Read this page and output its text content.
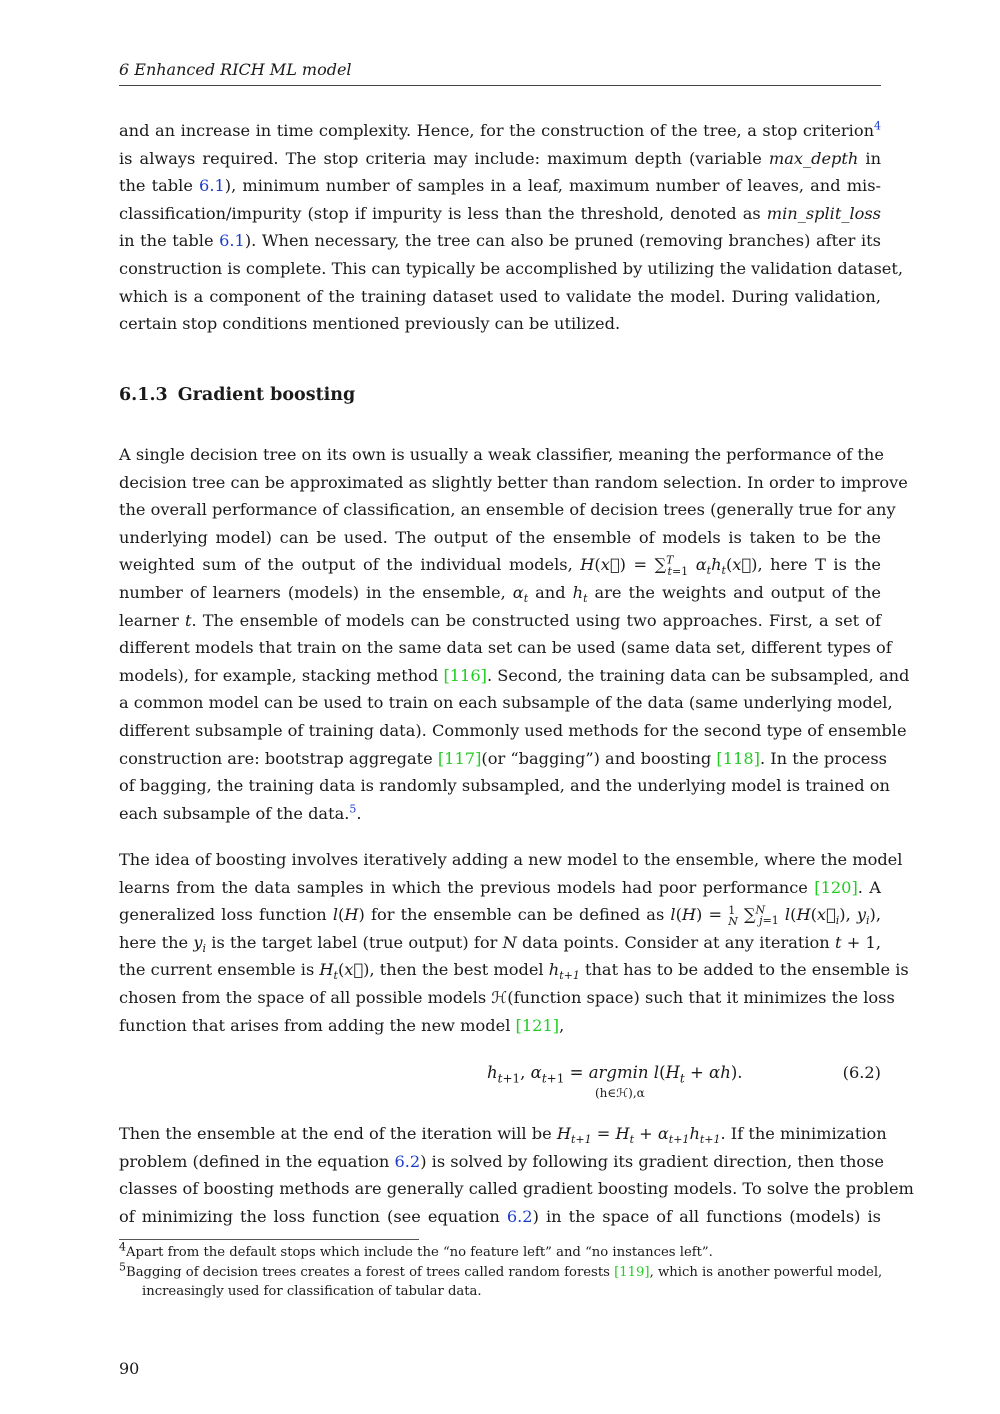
6 Enhanced RICH ML model
and an increase in time complexity. Hence, for the construction of the tree, a stop criterion$^4$
is always required. The stop criteria may include: maximum depth (variable max_depth in
the table 6.1), minimum number of samples in a leaf, maximum number of leaves, and mis-
classification/impurity (stop if impurity is less than the threshold, denoted as min_split_loss
in the table 6.1). When necessary, the tree can also be pruned (removing branches) after its
construction is complete. This can typically be accomplished by utilizing the validation dataset,
which is a component of the training dataset used to validate the model. During validation,
certain stop conditions mentioned previously can be utilized.
6.1.3 Gradient boosting
A single decision tree on its own is usually a weak classifier, meaning the performance of the
decision tree can be approximated as slightly better than random selection. In order to improve
the overall performance of classification, an ensemble of decision trees (generally true for any
underlying model) can be used. The output of the ensemble of models is taken to be the
weighted sum of the output of the individual models, H(x⃗) = ∑$^T_{t=1}$ $\alpha_th_t(x⃗)$, here T is the
number of learners (models) in the ensemble, $\alpha_t$ and $h_t$ are the weights and output of the
learner t. The ensemble of models can be constructed using two approaches. First, a set of
different models that train on the same data set can be used (same data set, different types of
models), for example, stacking method [116]. Second, the training data can be subsampled, and
a common model can be used to train on each subsample of the data (same underlying model,
different subsample of training data). Commonly used methods for the second type of ensemble
construction are: bootstrap aggregate [117](or “bagging”) and boosting [118]. In the process
of bagging, the training data is randomly subsampled, and the underlying model is trained on
each subsample of the data.$^5$.
The idea of boosting involves iteratively adding a new model to the ensemble, where the model
learns from the data samples in which the previous models had poor performance [120]. A
generalized loss function l(H) for the ensemble can be defined as l(H) = 1
N ∑$^N_{j=1}$ $l(H(x⃗_i)$, $y_i$),
here the $y_i$ is the target label (true output) for N data points. Consider at any iteration t + 1,
the current ensemble is $H_t(x⃗)$, then the best model $h_{t+1}$ that has to be added to the ensemble is
chosen from the space of all possible models ℋ(function space) such that it minimizes the loss
function that arises from adding the new model [121],
$h_{t+1}$, $\alpha_{t+1} = argmin$ $l(H_t + \alpha h)$.
(h∈ℋ),α
(6.2)
Then the ensemble at the end of the iteration will be $H_{t+1} = H_t + \alpha_{t+1}h_{t+1}$. If the minimization
problem (defined in the equation 6.2) is solved by following its gradient direction, then those
classes of boosting methods are generally called gradient boosting models. To solve the problem
of minimizing the loss function (see equation 6.2) in the space of all functions (models) is
$^4$Apart from the default stops which include the “no feature left” and “no instances left”.
$^5$Bagging of decision trees creates a forest of trees called random forests [119], which is another powerful model,
increasingly used for classification of tabular data.
90
